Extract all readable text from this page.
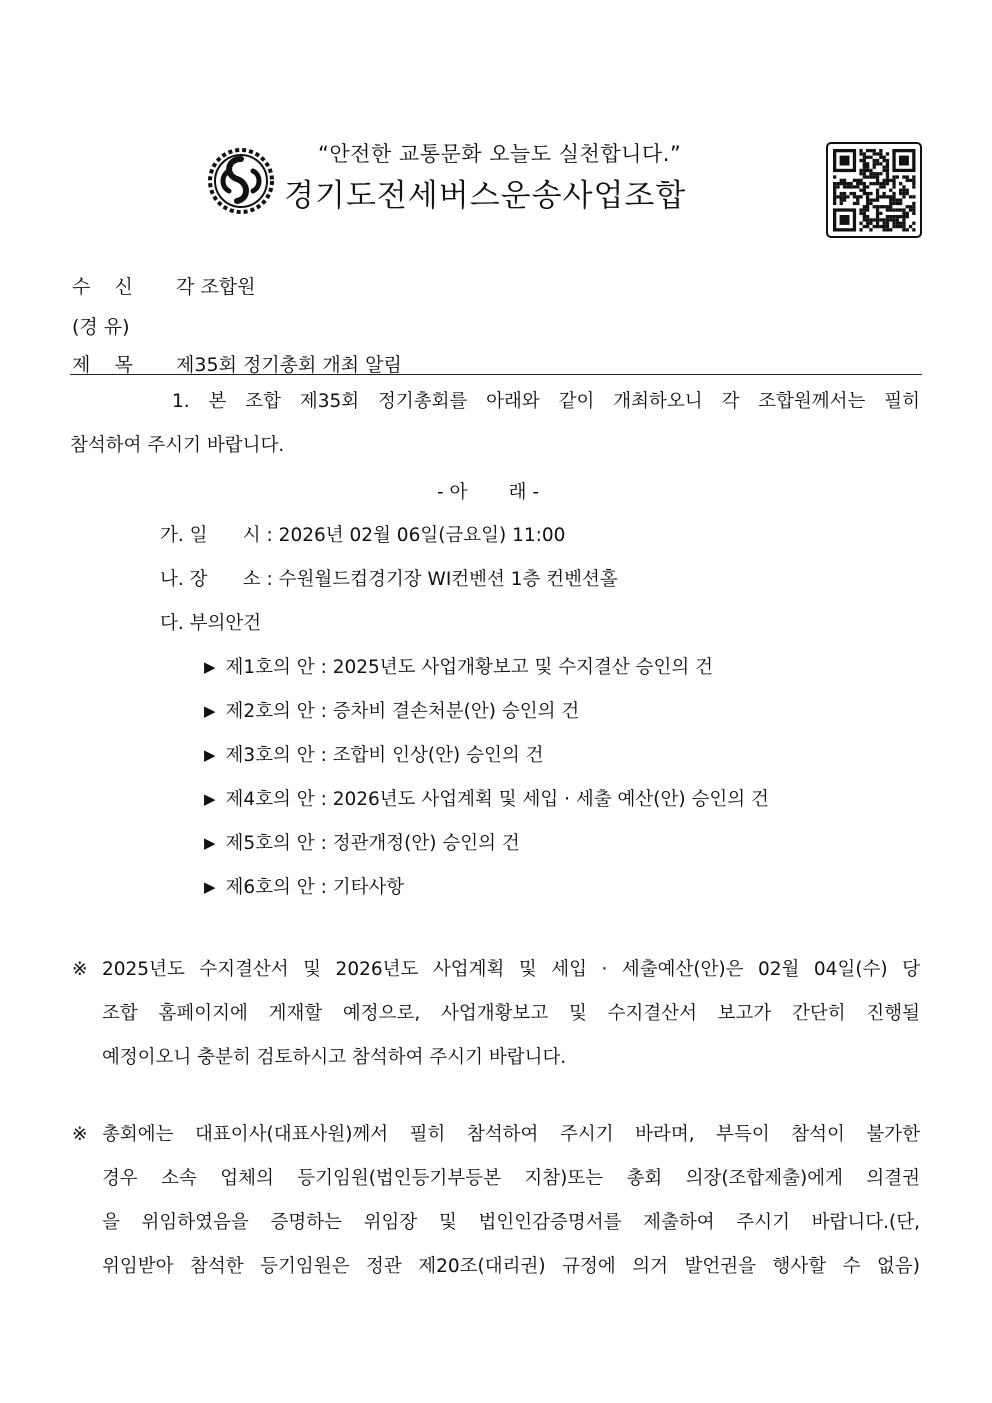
“안전한 교통문화 오늘도 실천합니다.”
경기도전세버스운송사업조합
수    신 각 조합원
(경 유)
제    목 제35회 정기총회 개최 알림
1. 본 조합 제35회 정기총회를 아래와 같이 개최하오니 각 조합원께서는 필히
참석하여 주시기 바랍니다.
- 아       래 -
가. 일      시 : 2026년 02월 06일(금요일) 11:00
나. 장      소 : 수원월드컵경기장 WI컨벤션 1층 컨벤션홀
다. 부의안건
▶ 제1호의 안 : 2025년도 사업개황보고 및 수지결산 승인의 건
▶ 제2호의 안 : 증차비 결손처분(안) 승인의 건
▶ 제3호의 안 : 조합비 인상(안) 승인의 건
▶ 제4호의 안 : 2026년도 사업계획 및 세입 · 세출 예산(안) 승인의 건
▶ 제5호의 안 : 정관개정(안) 승인의 건
▶ 제6호의 안 : 기타사항
※ 2025년도 수지결산서 및 2026년도 사업계획 및 세입 · 세출예산(안)은 02월 04일(수) 당
조합 홈페이지에 게재할 예정으로, 사업개황보고 및 수지결산서 보고가 간단히 진행될
예정이오니 충분히 검토하시고 참석하여 주시기 바랍니다.
※ 총회에는 대표이사(대표사원)께서 필히 참석하여 주시기 바라며, 부득이 참석이 불가한
경우 소속 업체의 등기임원(법인등기부등본 지참)또는 총회 의장(조합제출)에게 의결권
을 위임하였음을 증명하는 위임장 및 법인인감증명서를 제출하여 주시기 바랍니다.(단,
위임받아 참석한 등기임원은 정관 제20조(대리권) 규정에 의거 발언권을 행사할 수 없음)
